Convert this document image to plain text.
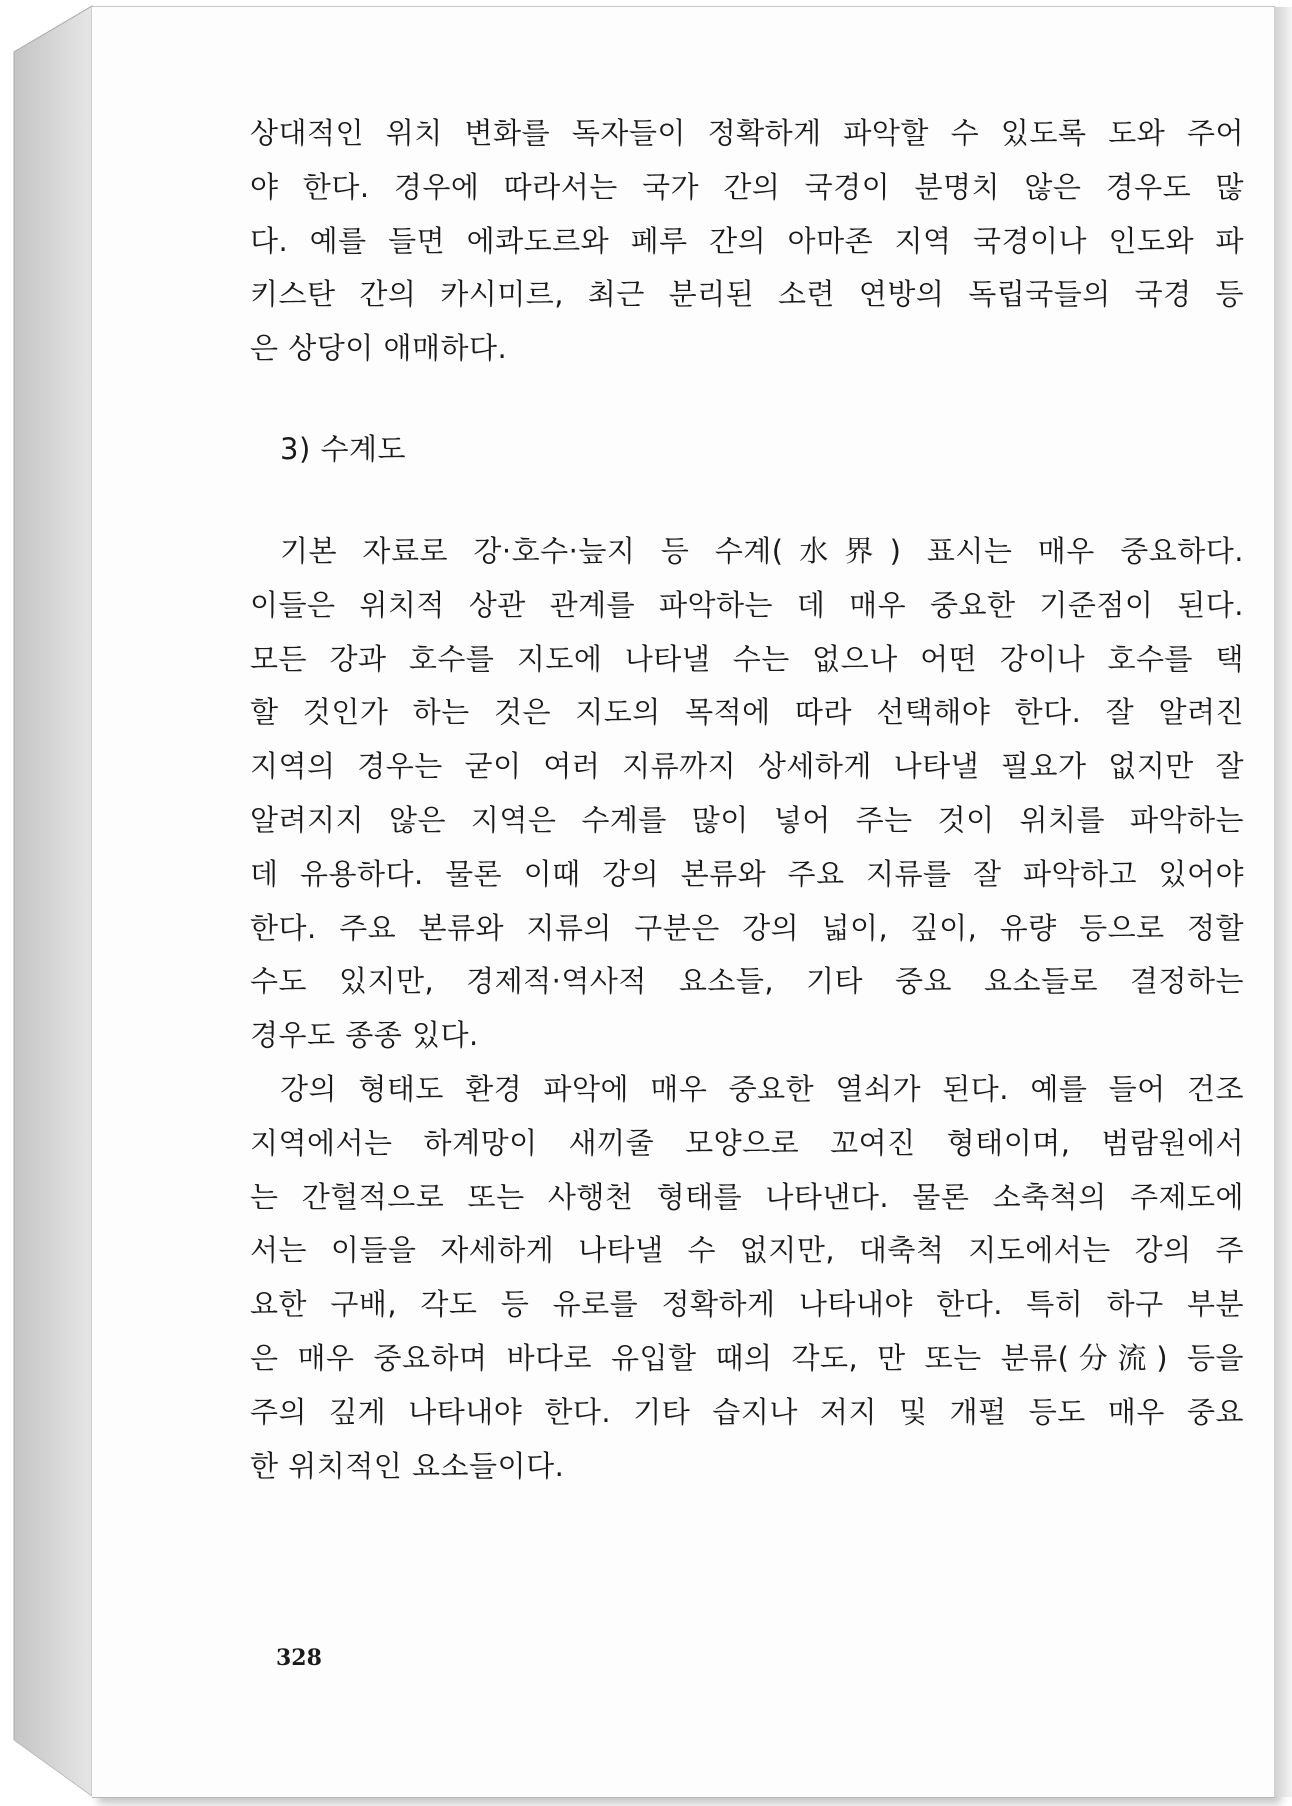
상대적인 위치 변화를 독자들이 정확하게 파악할 수 있도록 도와 주어
야 한다. 경우에 따라서는 국가 간의 국경이 분명치 않은 경우도 많
다. 예를 들면 에콰도르와 페루 간의 아마존 지역 국경이나 인도와 파
키스탄 간의 카시미르, 최근 분리된 소련 연방의 독립국들의 국경 등
은 상당이 애매하다.

3) 수계도

기본 자료로 강·호수·늪지 등 수계(水界) 표시는 매우 중요하다.
이들은 위치적 상관 관계를 파악하는 데 매우 중요한 기준점이 된다.
모든 강과 호수를 지도에 나타낼 수는 없으나 어떤 강이나 호수를 택
할 것인가 하는 것은 지도의 목적에 따라 선택해야 한다. 잘 알려진
지역의 경우는 굳이 여러 지류까지 상세하게 나타낼 필요가 없지만 잘
알려지지 않은 지역은 수계를 많이 넣어 주는 것이 위치를 파악하는
데 유용하다. 물론 이때 강의 본류와 주요 지류를 잘 파악하고 있어야
한다. 주요 본류와 지류의 구분은 강의 넓이, 깊이, 유량 등으로 정할
수도 있지만, 경제적·역사적 요소들, 기타 중요 요소들로 결정하는
경우도 종종 있다.

강의 형태도 환경 파악에 매우 중요한 열쇠가 된다. 예를 들어 건조
지역에서는 하계망이 새끼줄 모양으로 꼬여진 형태이며, 범람원에서
는 간헐적으로 또는 사행천 형태를 나타낸다. 물론 소축척의 주제도에
서는 이들을 자세하게 나타낼 수 없지만, 대축척 지도에서는 강의 주
요한 구배, 각도 등 유로를 정확하게 나타내야 한다. 특히 하구 부분
은 매우 중요하며 바다로 유입할 때의 각도, 만 또는 분류(分流) 등을
주의 깊게 나타내야 한다. 기타 습지나 저지 및 개펄 등도 매우 중요
한 위치적인 요소들이다.

328
